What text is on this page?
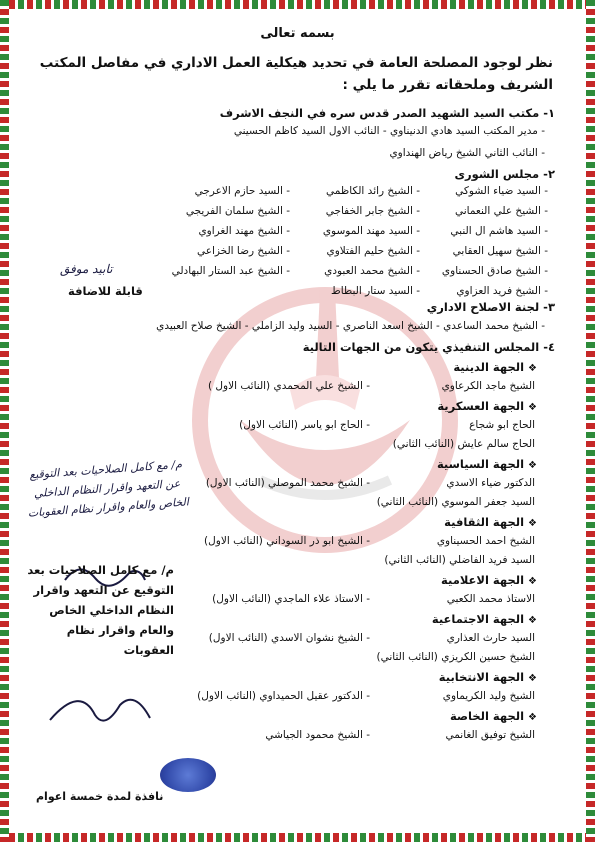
بسمه تعالى
نظر لوجود المصلحة العامة في تحديد هيكلية العمل الاداري في مفاصل المكتب الشريف وملحقاته تقرر ما يلي :
١- مكتب السيد الشهيد الصدر قدس سره في النجف الاشرف
- مدير المكتب السيد هادي الدنيناوي - النائب الاول السيد كاظم الحسيني
- النائب الثاني الشيخ رياض الهنداوي
٢- مجلس الشورى
- السيد ضياء الشوكي
- الشيخ رائد الكاظمي
- السيد حازم الاعرجي
- الشيخ علي النعماني
- الشيخ جابر الخفاجي
- الشيخ سلمان الفريجي
- السيد هاشم ال النبي
- السيد مهند الموسوي
- الشيخ مهند الغراوي
- الشيخ سهيل العقابي
- الشيخ حليم الفتلاوي
- الشيخ رضا الخزاعي
- الشيخ صادق الحسناوي
- الشيخ محمد العبودي
- الشيخ عبد الستار البهادلي
- الشيخ فريد العزاوي
- السيد ستار البطاط
تابيد موفق
قابلة للاضافة
٣- لجنة الاصلاح الاداري
- الشيخ محمد الساعدي - الشيخ اسعد الناصري - السيد وليد الزاملي - الشيخ صلاح العبيدي
٤- المجلس التنفيذي يتكون من الجهات التالية
❖ الجهة الدينية
الشيخ ماجد الكرعاوي
- الشيخ علي المحمدي (النائب الاول )
❖ الجهة العسكرية
الحاج ابو شجاع
- الحاج ابو ياسر (النائب الاول)
الحاج سالم عايش (النائب الثاني)
❖ الجهة السياسية
الدكتور ضياء الاسدي
- الشيخ محمد الموصلي (النائب الاول)
السيد جعفر الموسوي (النائب الثاني)
❖ الجهة الثقافية
الشيخ احمد الحسيناوي
- الشيخ ابو ذر السوداني (النائب الاول)
السيد فريد الفاضلي (النائب الثاني)
❖ الجهة الاعلامية
الاستاذ محمد الكعبي
- الاستاذ علاء الماجدي (النائب الاول)
❖ الجهة الاجتماعية
السيد حارث العذاري
- الشيخ نشوان الاسدي (النائب الاول)
الشيخ حسين الكريزي (النائب الثاني)
❖ الجهة الانتخابية
الشيخ وليد الكريماوي
- الدكتور عقيل الحميداوي (النائب الاول)
❖ الجهة الخاصة
الشيخ توفيق الغانمي
- الشيخ محمود الجياشي
م/ مع كامل الصلاحيات بعد التوقيع عن التعهد واقرار النظام الداخلي الخاص والعام واقرار نظام العقوبات
م/ مع كامل الصلاحيات بعد التوقيع عن التعهد واقرار النظام الداخلي الخاص والعام واقرار نظام العقوبات
نافذة لمدة خمسة اعوام
